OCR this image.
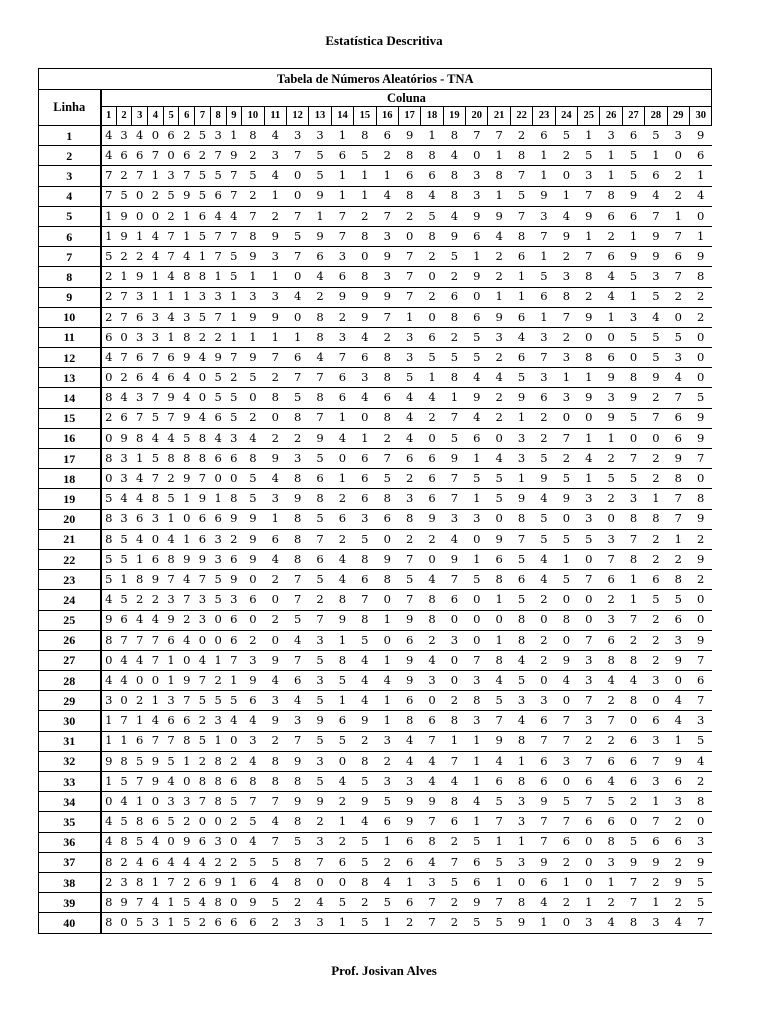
Estatística Descritiva
Tabela de Números Aleatórios - TNA																														
Linha	Coluna																													
	1	2	3	4	5	6	7	8	9	10	11	12	13	14	15	16	17	18	19	20	21	22	23	24	25	26	27	28	29	30
1	4	3	4	0	6	2	5	3	1	8	4	3	3	1	8	6	9	1	8	7	7	2	6	5	1	3	6	5	3	9
2	4	6	6	7	0	6	2	7	9	2	3	7	5	6	5	2	8	8	4	0	1	8	1	2	5	1	5	1	0	6
3	7	2	7	1	3	7	5	5	7	5	4	0	5	1	1	1	6	6	8	3	8	7	1	0	3	1	5	6	2	1
4	7	5	0	2	5	9	5	6	7	2	1	0	9	1	1	4	8	4	8	3	1	5	9	1	7	8	9	4	2	4
5	1	9	0	0	2	1	6	4	4	7	2	7	1	7	2	7	2	5	4	9	9	7	3	4	9	6	6	7	1	0
6	1	9	1	4	7	1	5	7	7	8	9	5	9	7	8	3	0	8	9	6	4	8	7	9	1	2	1	9	7	1
7	5	2	2	4	7	4	1	7	5	9	3	7	6	3	0	9	7	2	5	1	2	6	1	2	7	6	9	9	6	9
8	2	1	9	1	4	8	8	1	5	1	1	0	4	6	8	3	7	0	2	9	2	1	5	3	8	4	5	3	7	8
9	2	7	3	1	1	1	3	3	1	3	3	4	2	9	9	9	7	2	6	0	1	1	6	8	2	4	1	5	2	2
10	2	7	6	3	4	3	5	7	1	9	9	0	8	2	9	7	1	0	8	6	9	6	1	7	9	1	3	4	0	2
11	6	0	3	3	1	8	2	2	1	1	1	1	8	3	4	2	3	6	2	5	3	4	3	2	0	0	5	5	5	0
12	4	7	6	7	6	9	4	9	7	9	7	6	4	7	6	8	3	5	5	5	2	6	7	3	8	6	0	5	3	0
13	0	2	6	4	6	4	0	5	2	5	2	7	7	6	3	8	5	1	8	4	4	5	3	1	1	9	8	9	4	0
14	8	4	3	7	9	4	0	5	5	0	8	5	8	6	4	6	4	4	1	9	2	9	6	3	9	3	9	2	7	5
15	2	6	7	5	7	9	4	6	5	2	0	8	7	1	0	8	4	2	7	4	2	1	2	0	0	9	5	7	6	9
16	0	9	8	4	4	5	8	4	3	4	2	2	9	4	1	2	4	0	5	6	0	3	2	7	1	1	0	0	6	9
17	8	3	1	5	8	8	8	6	6	8	9	3	5	0	6	7	6	6	9	1	4	3	5	2	4	2	7	2	9	7
18	0	3	4	7	2	9	7	0	0	5	4	8	6	1	6	5	2	6	7	5	5	1	9	5	1	5	5	2	8	0
19	5	4	4	8	5	1	9	1	8	5	3	9	8	2	6	8	3	6	7	1	5	9	4	9	3	2	3	1	7	8
20	8	3	6	3	1	0	6	6	9	9	1	8	5	6	3	6	8	9	3	3	0	8	5	0	3	0	8	8	7	9
21	8	5	4	0	4	1	6	3	2	9	6	8	7	2	5	0	2	2	4	0	9	7	5	5	5	3	7	2	1	2
22	5	5	1	6	8	9	9	3	6	9	4	8	6	4	8	9	7	0	9	1	6	5	4	1	0	7	8	2	2	9
23	5	1	8	9	7	4	7	5	9	0	2	7	5	4	6	8	5	4	7	5	8	6	4	5	7	6	1	6	8	2
24	4	5	2	2	3	7	3	5	3	6	0	7	2	8	7	0	7	8	6	0	1	5	2	0	0	2	1	5	5	0
25	9	6	4	4	9	2	3	0	6	0	2	5	7	9	8	1	9	8	0	0	0	8	0	8	0	3	7	2	6	0
26	8	7	7	7	6	4	0	0	6	2	0	4	3	1	5	0	6	2	3	0	1	8	2	0	7	6	2	2	3	9
27	0	4	4	7	1	0	4	1	7	3	9	7	5	8	4	1	9	4	0	7	8	4	2	9	3	8	8	2	9	7
28	4	4	0	0	1	9	7	2	1	9	4	6	3	5	4	4	9	3	0	3	4	5	0	4	3	4	4	3	0	6
29	3	0	2	1	3	7	5	5	5	6	3	4	5	1	4	1	6	0	2	8	5	3	3	0	7	2	8	0	4	7
30	1	7	1	4	6	6	2	3	4	4	9	3	9	6	9	1	8	6	8	3	7	4	6	7	3	7	0	6	4	3
31	1	1	6	7	7	8	5	1	0	3	2	7	5	5	2	3	4	7	1	1	9	8	7	7	2	2	6	3	1	5
32	9	8	5	9	5	1	2	8	2	4	8	9	3	0	8	2	4	4	7	1	4	1	6	3	7	6	6	7	9	4
33	1	5	7	9	4	0	8	8	6	8	8	8	5	4	5	3	3	4	4	1	6	8	6	0	6	4	6	3	6	2
34	0	4	1	0	3	3	7	8	5	7	7	9	9	2	9	5	9	9	8	4	5	3	9	5	7	5	2	1	3	8
35	4	5	8	6	5	2	0	0	2	5	4	8	2	1	4	6	9	7	6	1	7	3	7	7	6	6	0	7	2	0
36	4	8	5	4	0	9	6	3	0	4	7	5	3	2	5	1	6	8	2	5	1	1	7	6	0	8	5	6	6	3
37	8	2	4	6	4	4	4	2	2	5	5	8	7	6	5	2	6	4	7	6	5	3	9	2	0	3	9	9	2	9
38	2	3	8	1	7	2	6	9	1	6	4	8	0	0	8	4	1	3	5	6	1	0	6	1	0	1	7	2	9	5
39	8	9	7	4	1	5	4	8	0	9	5	2	4	5	2	5	6	7	2	9	7	8	4	2	1	2	7	1	2	5
40	8	0	5	3	1	5	2	6	6	6	2	3	3	1	5	1	2	7	2	5	5	9	1	0	3	4	8	3	4	7
Prof. Josivan Alves
